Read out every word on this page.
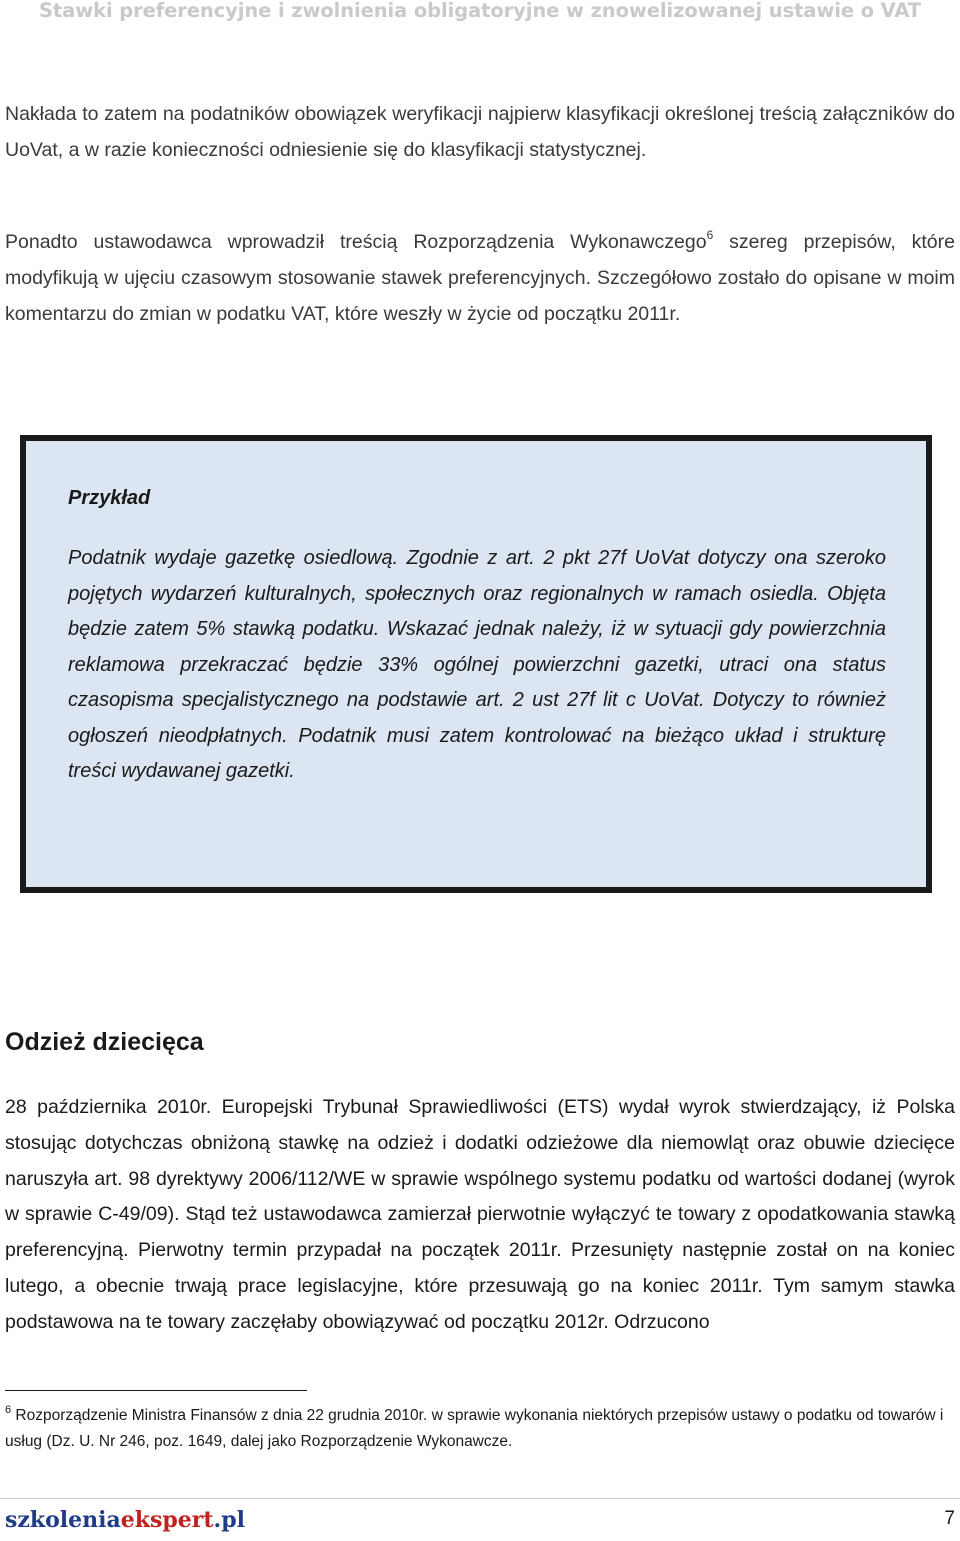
Stawki preferencyjne i zwolnienia obligatoryjne w znowelizowanej ustawie o VAT

Nakłada to zatem na podatników obowiązek weryfikacji najpierw klasyfikacji określonej treścią załączników do UoVat, a w razie konieczności odniesienie się do klasyfikacji statystycznej.

Ponadto ustawodawca wprowadził treścią Rozporządzenia Wykonawczego$^6$ szereg przepisów, które modyfikują w ujęciu czasowym stosowanie stawek preferencyjnych. Szczegółowo zostało do opisane w moim komentarzu do zmian w podatku VAT, które weszły w życie od początku 2011r.

Przykład

Podatnik wydaje gazetkę osiedlową. Zgodnie z art. 2 pkt 27f UoVat dotyczy ona szeroko pojętych wydarzeń kulturalnych, społecznych oraz regionalnych w ramach osiedla. Objęta będzie zatem 5% stawką podatku. Wskazać jednak należy, iż w sytuacji gdy powierzchnia reklamowa przekraczać będzie 33% ogólnej powierzchni gazetki, utraci ona status czasopisma specjalistycznego na podstawie art. 2 ust 27f lit c UoVat. Dotyczy to również ogłoszeń nieodpłatnych. Podatnik musi zatem kontrolować na bieżąco układ i strukturę treści wydawanej gazetki.

Odzież dziecięca

28 października 2010r. Europejski Trybunał Sprawiedliwości (ETS) wydał wyrok stwierdzający, iż Polska stosując dotychczas obniżoną stawkę na odzież i dodatki odzieżowe dla niemowląt oraz obuwie dziecięce naruszyła art. 98 dyrektywy 2006/112/WE w sprawie wspólnego systemu podatku od wartości dodanej (wyrok w sprawie C-49/09). Stąd też ustawodawca zamierzał pierwotnie wyłączyć te towary z opodatkowania stawką preferencyjną. Pierwotny termin przypadał na początek 2011r. Przesunięty następnie został on na koniec lutego, a obecnie trwają prace legislacyjne, które przesuwają go na koniec 2011r. Tym samym stawka podstawowa na te towary zaczęłaby obowiązywać od początku 2012r. Odrzucono

$^6$ Rozporządzenie Ministra Finansów z dnia 22 grudnia 2010r. w sprawie wykonania niektórych przepisów ustawy o podatku od towarów i usług (Dz. U. Nr 246, poz. 1649, dalej jako Rozporządzenie Wykonawcze.

szkoleniaekspert.pl	7
